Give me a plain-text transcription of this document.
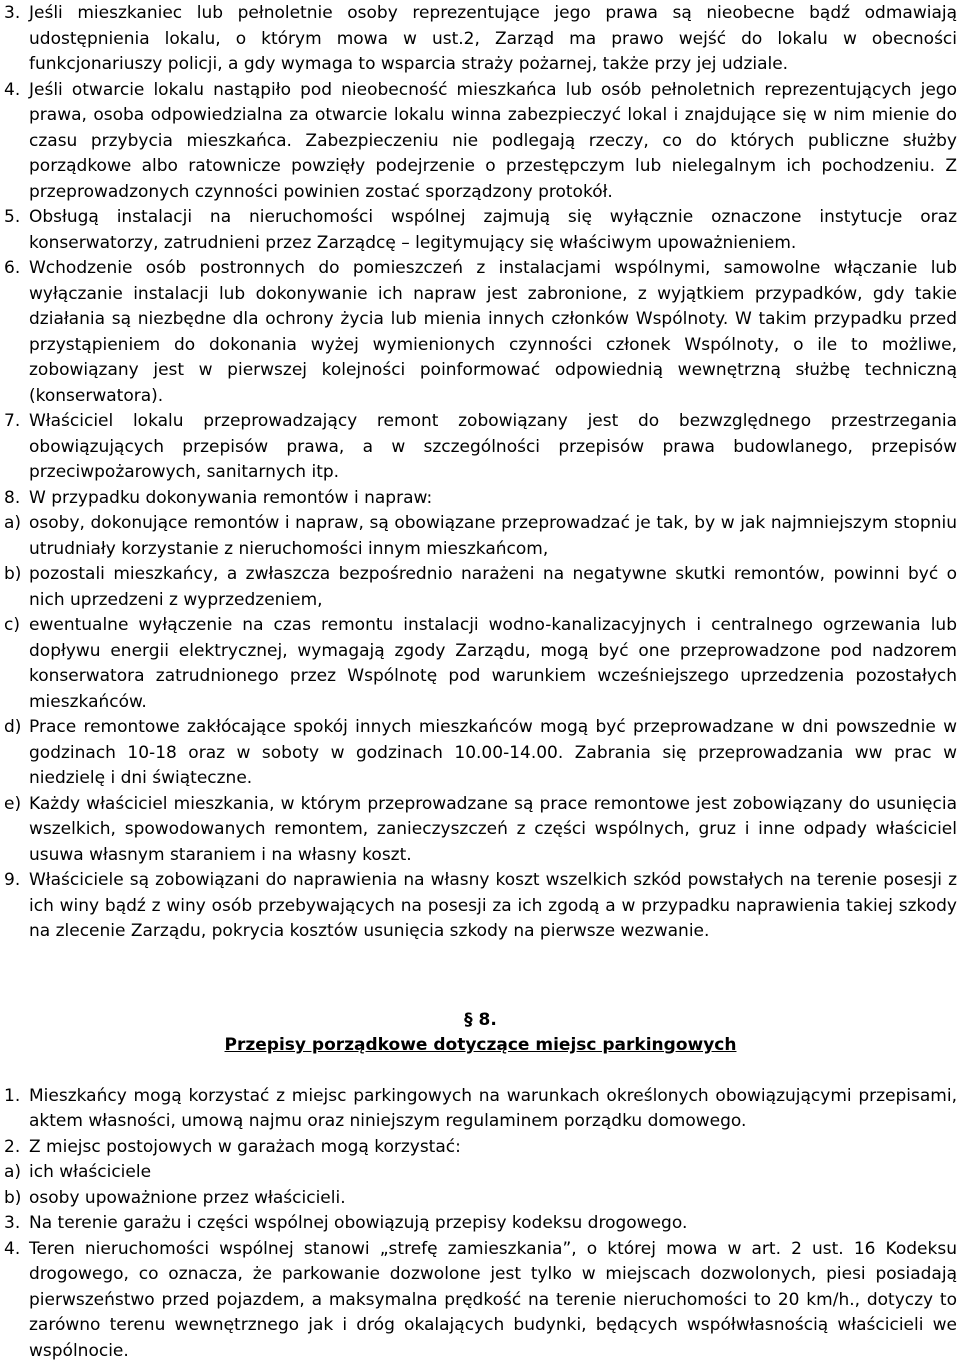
3. Jeśli mieszkaniec lub pełnoletnie osoby reprezentujące jego prawa są nieobecne bądź odmawiają udostępnienia lokalu, o którym mowa w ust.2, Zarząd ma prawo wejść do lokalu w obecności funkcjonariuszy policji, a gdy wymaga to wsparcia straży pożarnej, także przy jej udziale.
4. Jeśli otwarcie lokalu nastąpiło pod nieobecność mieszkańca lub osób pełnoletnich reprezentujących jego prawa, osoba odpowiedzialna za otwarcie lokalu winna zabezpieczyć lokal i znajdujące się w nim mienie do czasu przybycia mieszkańca. Zabezpieczeniu nie podlegają rzeczy, co do których publiczne służby porządkowe albo ratownicze powzięły podejrzenie o przestępczym lub nielegalnym ich pochodzeniu. Z przeprowadzonych czynności powinien zostać sporządzony protokół.
5. Obsługą instalacji na nieruchomości wspólnej zajmują się wyłącznie oznaczone instytucje oraz konserwatorzy, zatrudnieni przez Zarządcę – legitymujący się właściwym upoważnieniem.
6. Wchodzenie osób postronnych do pomieszczeń z instalacjami wspólnymi, samowolne włączanie lub wyłączanie instalacji lub dokonywanie ich napraw jest zabronione, z wyjątkiem przypadków, gdy takie działania są niezbędne dla ochrony życia lub mienia innych członków Wspólnoty. W takim przypadku przed przystąpieniem do dokonania wyżej wymienionych czynności członek Wspólnoty, o ile to możliwe, zobowiązany jest w pierwszej kolejności poinformować odpowiednią wewnętrzną służbę techniczną (konserwatora).
7. Właściciel lokalu przeprowadzający remont zobowiązany jest do bezwzględnego przestrzegania obowiązujących przepisów prawa, a w szczególności przepisów prawa budowlanego, przepisów przeciwpożarowych, sanitarnych itp.
8. W przypadku dokonywania remontów i napraw:
a) osoby, dokonujące remontów i napraw, są obowiązane przeprowadzać je tak, by w jak najmniejszym stopniu utrudniały korzystanie z nieruchomości innym mieszkańcom,
b) pozostali mieszkańcy, a zwłaszcza bezpośrednio narażeni na negatywne skutki remontów, powinni być o nich uprzedzeni z wyprzedzeniem,
c) ewentualne wyłączenie na czas remontu instalacji wodno-kanalizacyjnych i centralnego ogrzewania lub dopływu energii elektrycznej, wymagają zgody Zarządu, mogą być one przeprowadzone pod nadzorem konserwatora zatrudnionego przez Wspólnotę pod warunkiem wcześniejszego uprzedzenia pozostałych mieszkańców.
d) Prace remontowe zakłócające spokój innych mieszkańców mogą być przeprowadzane w dni powszednie w godzinach 10-18 oraz w soboty w godzinach 10.00-14.00. Zabrania się przeprowadzania ww prac w niedzielę i dni świąteczne.
e) Każdy właściciel mieszkania, w którym przeprowadzane są prace remontowe jest zobowiązany do usunięcia wszelkich, spowodowanych remontem, zanieczyszczeń z części wspólnych, gruz i inne odpady właściciel usuwa własnym staraniem i na własny koszt.
9. Właściciele są zobowiązani do naprawienia na własny koszt wszelkich szkód powstałych na terenie posesji z ich winy bądź z winy osób przebywających na posesji za ich zgodą a w przypadku naprawienia takiej szkody na zlecenie Zarządu, pokrycia kosztów usunięcia szkody na pierwsze wezwanie.

§ 8.

Przepisy porządkowe dotyczące miejsc parkingowych

1. Mieszkańcy mogą korzystać z miejsc parkingowych na warunkach określonych obowiązującymi przepisami, aktem własności, umową najmu oraz niniejszym regulaminem porządku domowego.
2. Z miejsc postojowych w garażach mogą korzystać:
a) ich właściciele
b) osoby upoważnione przez właścicieli.
3. Na terenie garażu i części wspólnej obowiązują przepisy kodeksu drogowego.
4. Teren nieruchomości wspólnej stanowi „strefę zamieszkania”, o której mowa w art. 2 ust. 16 Kodeksu drogowego, co oznacza, że parkowanie dozwolone jest tylko w miejscach dozwolonych, piesi posiadają pierwszeństwo przed pojazdem, a maksymalna prędkość na terenie nieruchomości to 20 km/h., dotyczy to zarówno terenu wewnętrznego jak i dróg okalających budynki, będących współwłasnością właścicieli we wspólnocie.
